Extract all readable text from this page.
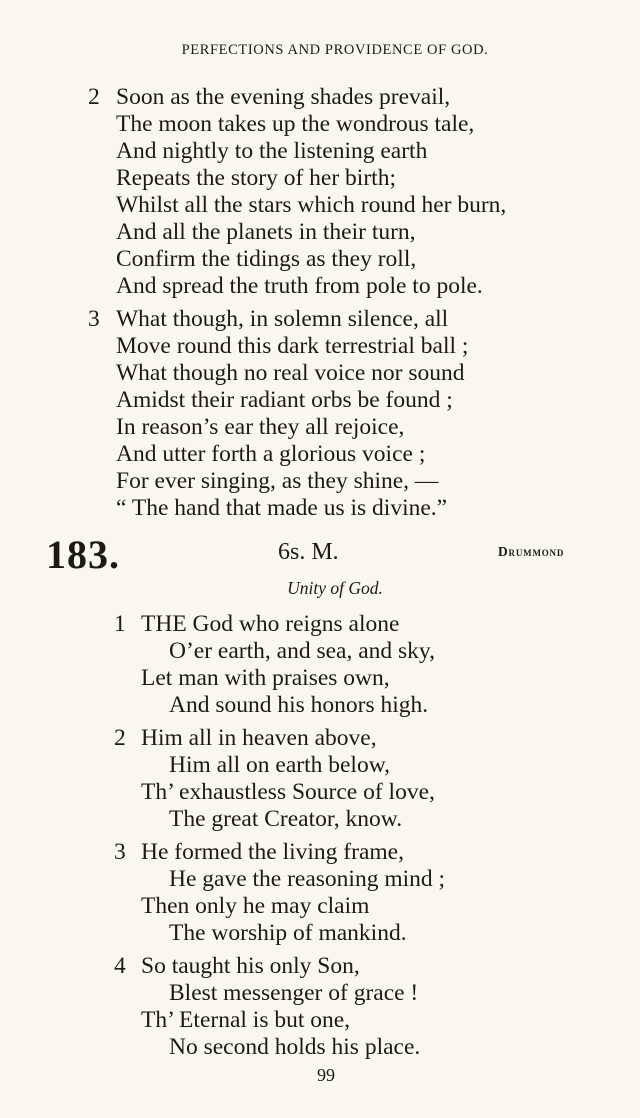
PERFECTIONS AND PROVIDENCE OF GOD.
2 Soon as the evening shades prevail,
The moon takes up the wondrous tale,
And nightly to the listening earth
Repeats the story of her birth;
Whilst all the stars which round her burn,
And all the planets in their turn,
Confirm the tidings as they roll,
And spread the truth from pole to pole.
3 What though, in solemn silence, all
Move round this dark terrestrial ball ;
What though no real voice nor sound
Amidst their radiant orbs be found ;
In reason’s ear they all rejoice,
And utter forth a glorious voice ;
For ever singing, as they shine, —
“ The hand that made us is divine.”
183.	6s. M.	Drummond
Unity of God.
1 THE God who reigns alone
O’er earth, and sea, and sky,
Let man with praises own,
And sound his honors high.
2 Him all in heaven above,
Him all on earth below,
Th’ exhaustless Source of love,
The great Creator, know.
3 He formed the living frame,
He gave the reasoning mind ;
Then only he may claim
The worship of mankind.
4 So taught his only Son,
Blest messenger of grace !
Th’ Eternal is but one,
No second holds his place.
99
